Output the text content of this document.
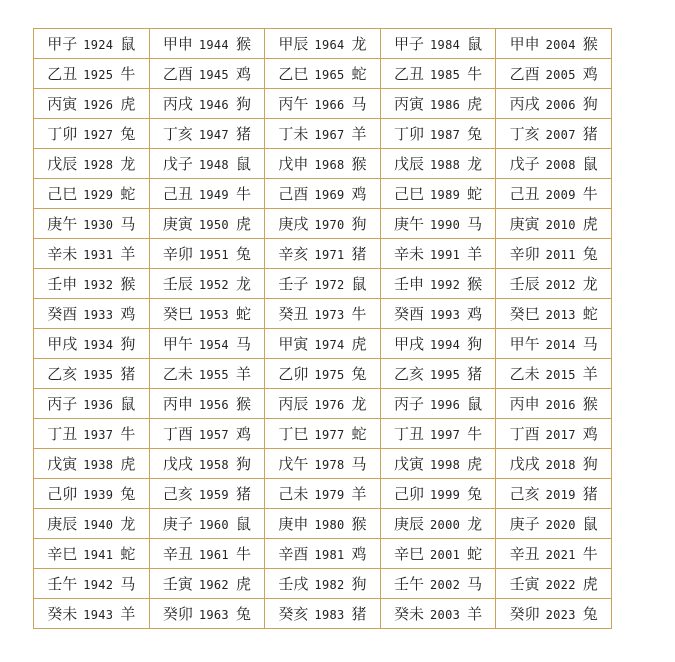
甲子 1924 鼠	甲申 1944 猴	甲辰 1964 龙	甲子 1984 鼠	甲申 2004 猴
乙丑 1925 牛	乙酉 1945 鸡	乙巳 1965 蛇	乙丑 1985 牛	乙酉 2005 鸡
丙寅 1926 虎	丙戌 1946 狗	丙午 1966 马	丙寅 1986 虎	丙戌 2006 狗
丁卯 1927 兔	丁亥 1947 猪	丁未 1967 羊	丁卯 1987 兔	丁亥 2007 猪
戊辰 1928 龙	戊子 1948 鼠	戊申 1968 猴	戊辰 1988 龙	戊子 2008 鼠
己巳 1929 蛇	己丑 1949 牛	己酉 1969 鸡	己巳 1989 蛇	己丑 2009 牛
庚午 1930 马	庚寅 1950 虎	庚戌 1970 狗	庚午 1990 马	庚寅 2010 虎
辛未 1931 羊	辛卯 1951 兔	辛亥 1971 猪	辛未 1991 羊	辛卯 2011 兔
壬申 1932 猴	壬辰 1952 龙	壬子 1972 鼠	壬申 1992 猴	壬辰 2012 龙
癸酉 1933 鸡	癸巳 1953 蛇	癸丑 1973 牛	癸酉 1993 鸡	癸巳 2013 蛇
甲戌 1934 狗	甲午 1954 马	甲寅 1974 虎	甲戌 1994 狗	甲午 2014 马
乙亥 1935 猪	乙未 1955 羊	乙卯 1975 兔	乙亥 1995 猪	乙未 2015 羊
丙子 1936 鼠	丙申 1956 猴	丙辰 1976 龙	丙子 1996 鼠	丙申 2016 猴
丁丑 1937 牛	丁酉 1957 鸡	丁巳 1977 蛇	丁丑 1997 牛	丁酉 2017 鸡
戊寅 1938 虎	戊戌 1958 狗	戊午 1978 马	戊寅 1998 虎	戊戌 2018 狗
己卯 1939 兔	己亥 1959 猪	己未 1979 羊	己卯 1999 兔	己亥 2019 猪
庚辰 1940 龙	庚子 1960 鼠	庚申 1980 猴	庚辰 2000 龙	庚子 2020 鼠
辛巳 1941 蛇	辛丑 1961 牛	辛酉 1981 鸡	辛巳 2001 蛇	辛丑 2021 牛
壬午 1942 马	壬寅 1962 虎	壬戌 1982 狗	壬午 2002 马	壬寅 2022 虎
癸未 1943 羊	癸卯 1963 兔	癸亥 1983 猪	癸未 2003 羊	癸卯 2023 兔
